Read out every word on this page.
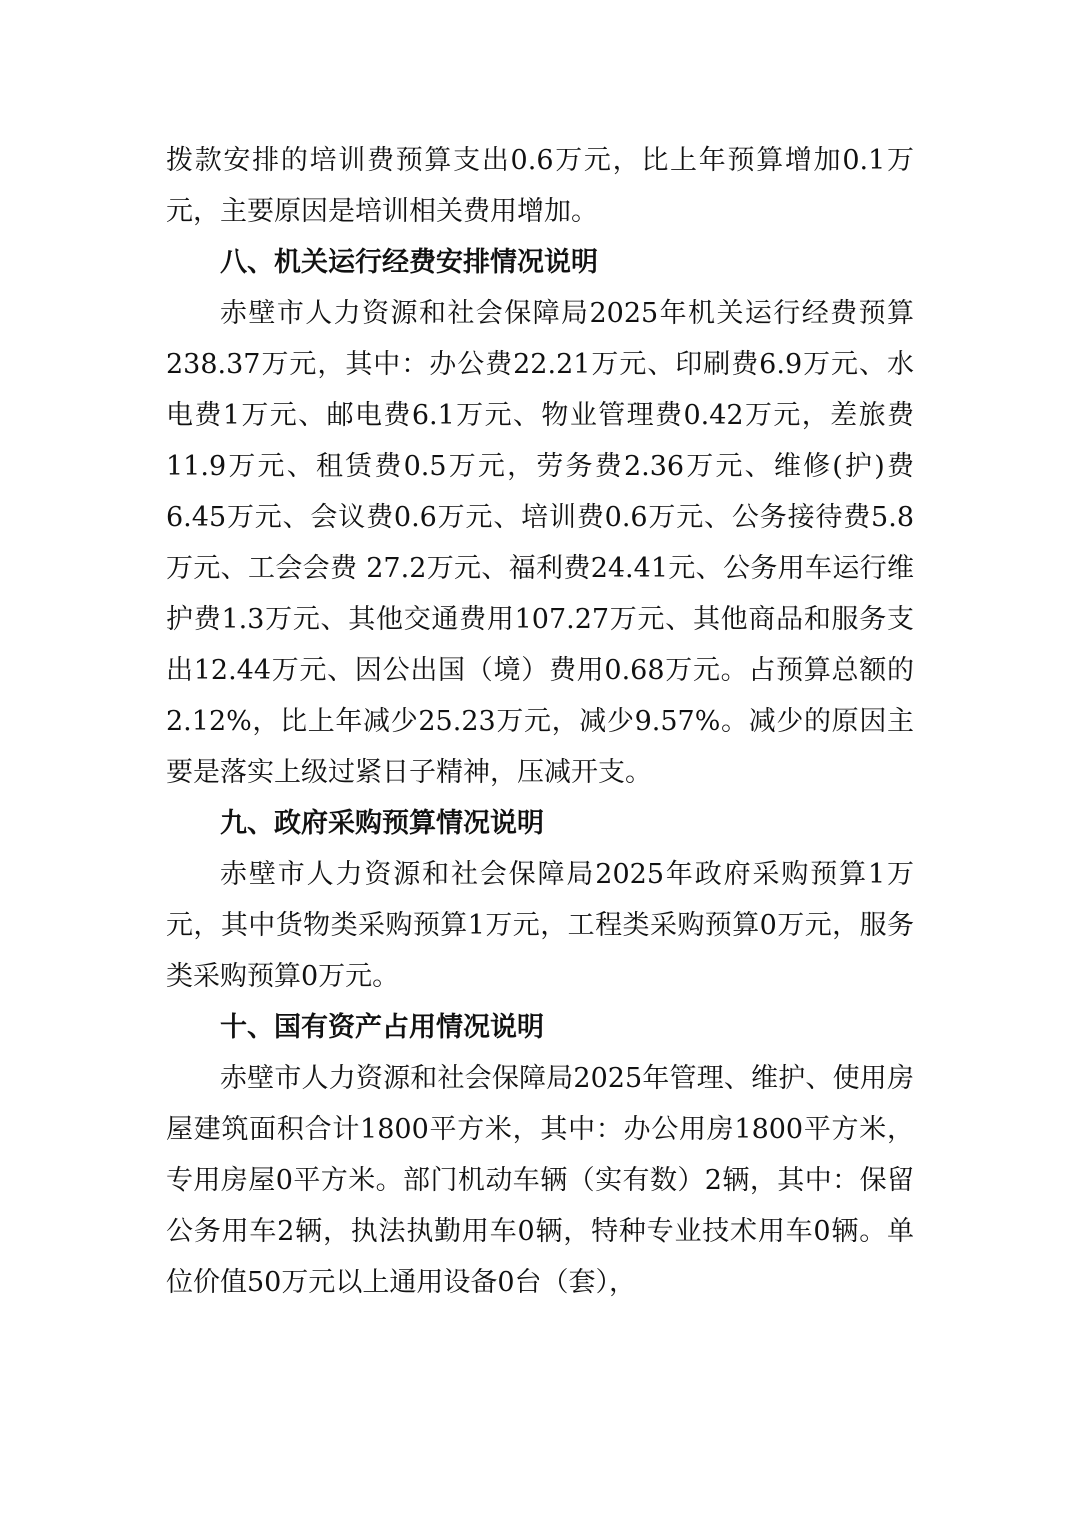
拨款安排的培训费预算支出0.6万元，比上年预算增加0.1万元，主要原因是培训相关费用增加。

八、机关运行经费安排情况说明

赤壁市人力资源和社会保障局2025年机关运行经费预算238.37万元，其中：办公费22.21万元、印刷费6.9万元、水电费1万元、邮电费6.1万元、物业管理费0.42万元，差旅费11.9万元、租赁费0.5万元，劳务费2.36万元、维修(护)费6.45万元、会议费0.6万元、培训费0.6万元、公务接待费5.8万元、工会会费 27.2万元、福利费24.41元、公务用车运行维护费1.3万元、其他交通费用107.27万元、其他商品和服务支出12.44万元、因公出国（境）费用0.68万元。占预算总额的2.12%，比上年减少25.23万元，减少9.57%。减少的原因主要是落实上级过紧日子精神，压减开支。

九、政府采购预算情况说明

赤壁市人力资源和社会保障局2025年政府采购预算1万元，其中货物类采购预算1万元，工程类采购预算0万元，服务类采购预算0万元。

十、国有资产占用情况说明

赤壁市人力资源和社会保障局2025年管理、维护、使用房屋建筑面积合计1800平方米，其中：办公用房1800平方米，专用房屋0平方米。部门机动车辆（实有数）2辆，其中：保留公务用车2辆，执法执勤用车0辆，特种专业技术用车0辆。单位价值50万元以上通用设备0台（套），
